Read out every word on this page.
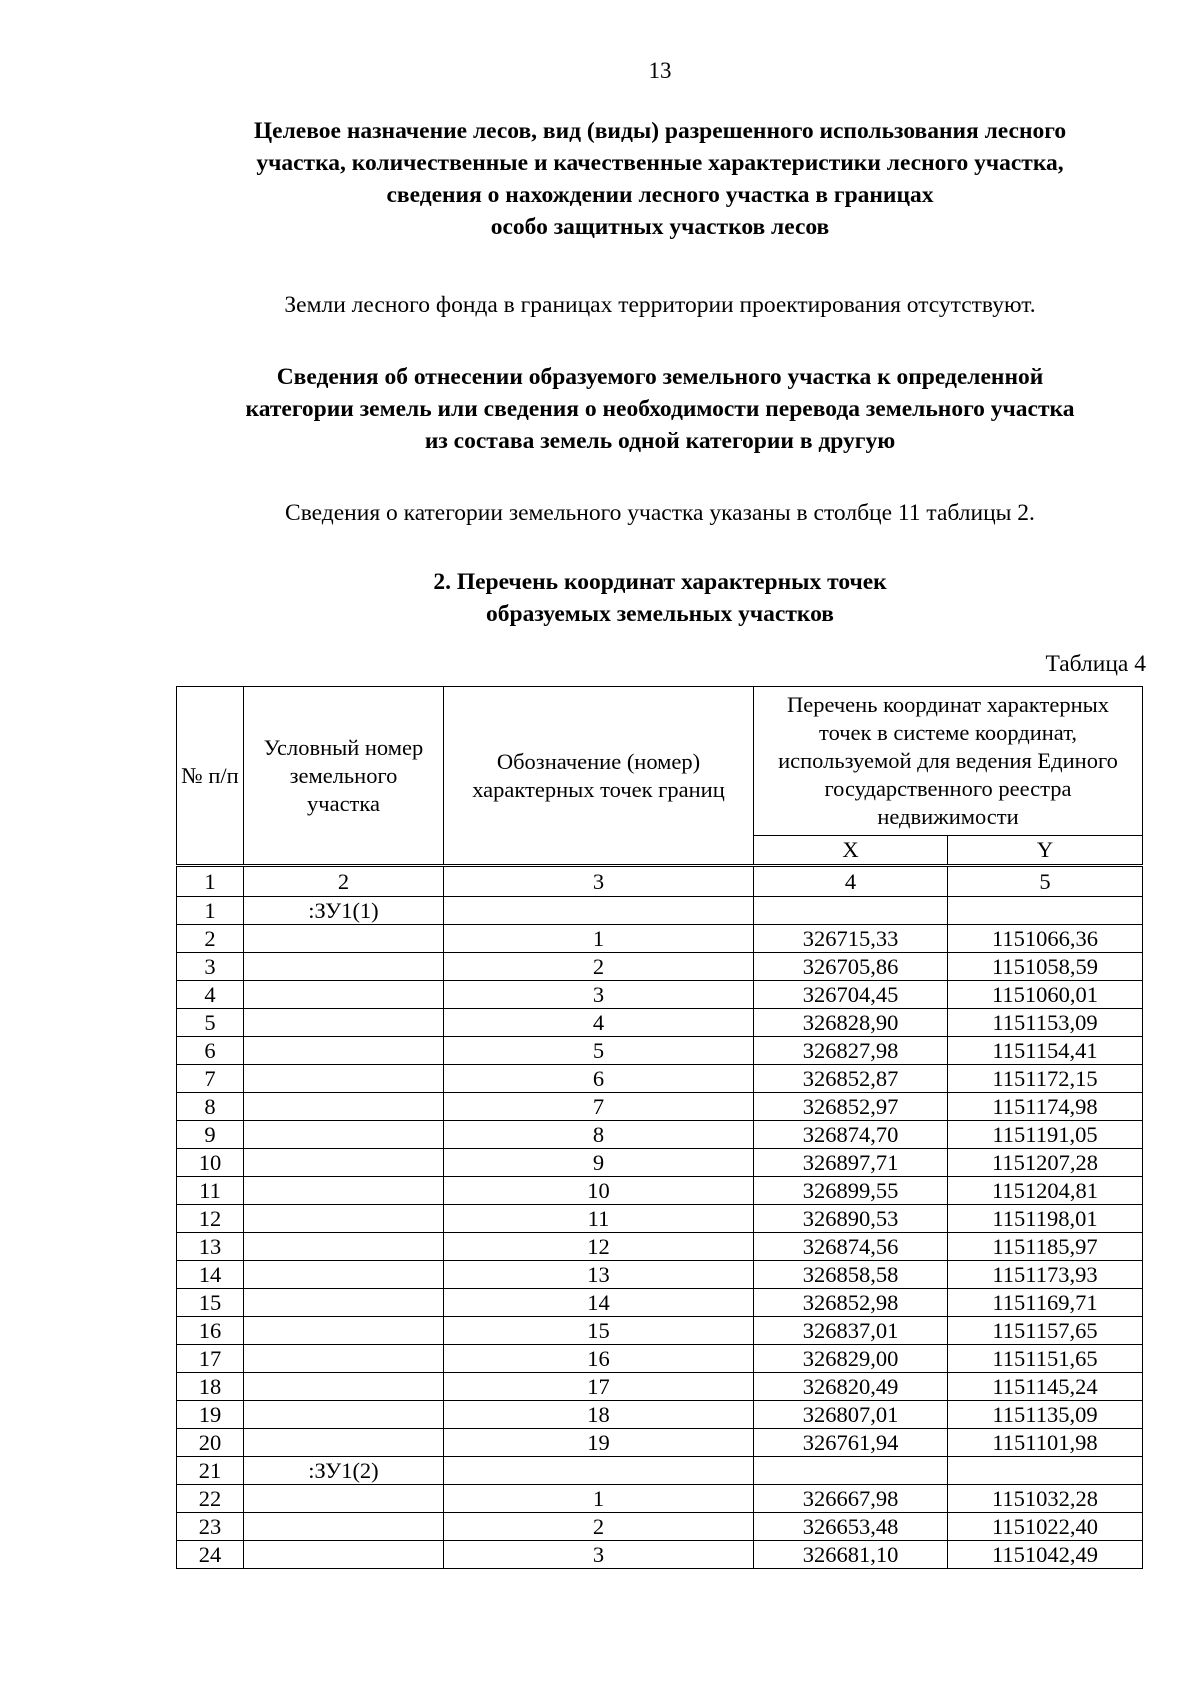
13
Целевое назначение лесов, вид (виды) разрешенного использования лесного
участка, количественные и качественные характеристики лесного участка,
сведения о нахождении лесного участка в границах
особо защитных участков лесов
Земли лесного фонда в границах территории проектирования отсутствуют.
Сведения об отнесении образуемого земельного участка к определенной
категории земель или сведения о необходимости перевода земельного участка
из состава земель одной категории в другую
Сведения о категории земельного участка указаны в столбце 11 таблицы 2.
2. Перечень координат характерных точек
образуемых земельных участков
Таблица 4
№ п/п	Условный номер земельного участка	Обозначение (номер) характерных точек границ	Перечень координат характерных точек в системе координат, используемой для ведения Единого государственного реестра недвижимости	
			X	Y
1	2	3	4	5
1	:ЗУ1(1)			
2		1	326715,33	1151066,36
3		2	326705,86	1151058,59
4		3	326704,45	1151060,01
5		4	326828,90	1151153,09
6		5	326827,98	1151154,41
7		6	326852,87	1151172,15
8		7	326852,97	1151174,98
9		8	326874,70	1151191,05
10		9	326897,71	1151207,28
11		10	326899,55	1151204,81
12		11	326890,53	1151198,01
13		12	326874,56	1151185,97
14		13	326858,58	1151173,93
15		14	326852,98	1151169,71
16		15	326837,01	1151157,65
17		16	326829,00	1151151,65
18		17	326820,49	1151145,24
19		18	326807,01	1151135,09
20		19	326761,94	1151101,98
21	:ЗУ1(2)			
22		1	326667,98	1151032,28
23		2	326653,48	1151022,40
24		3	326681,10	1151042,49
